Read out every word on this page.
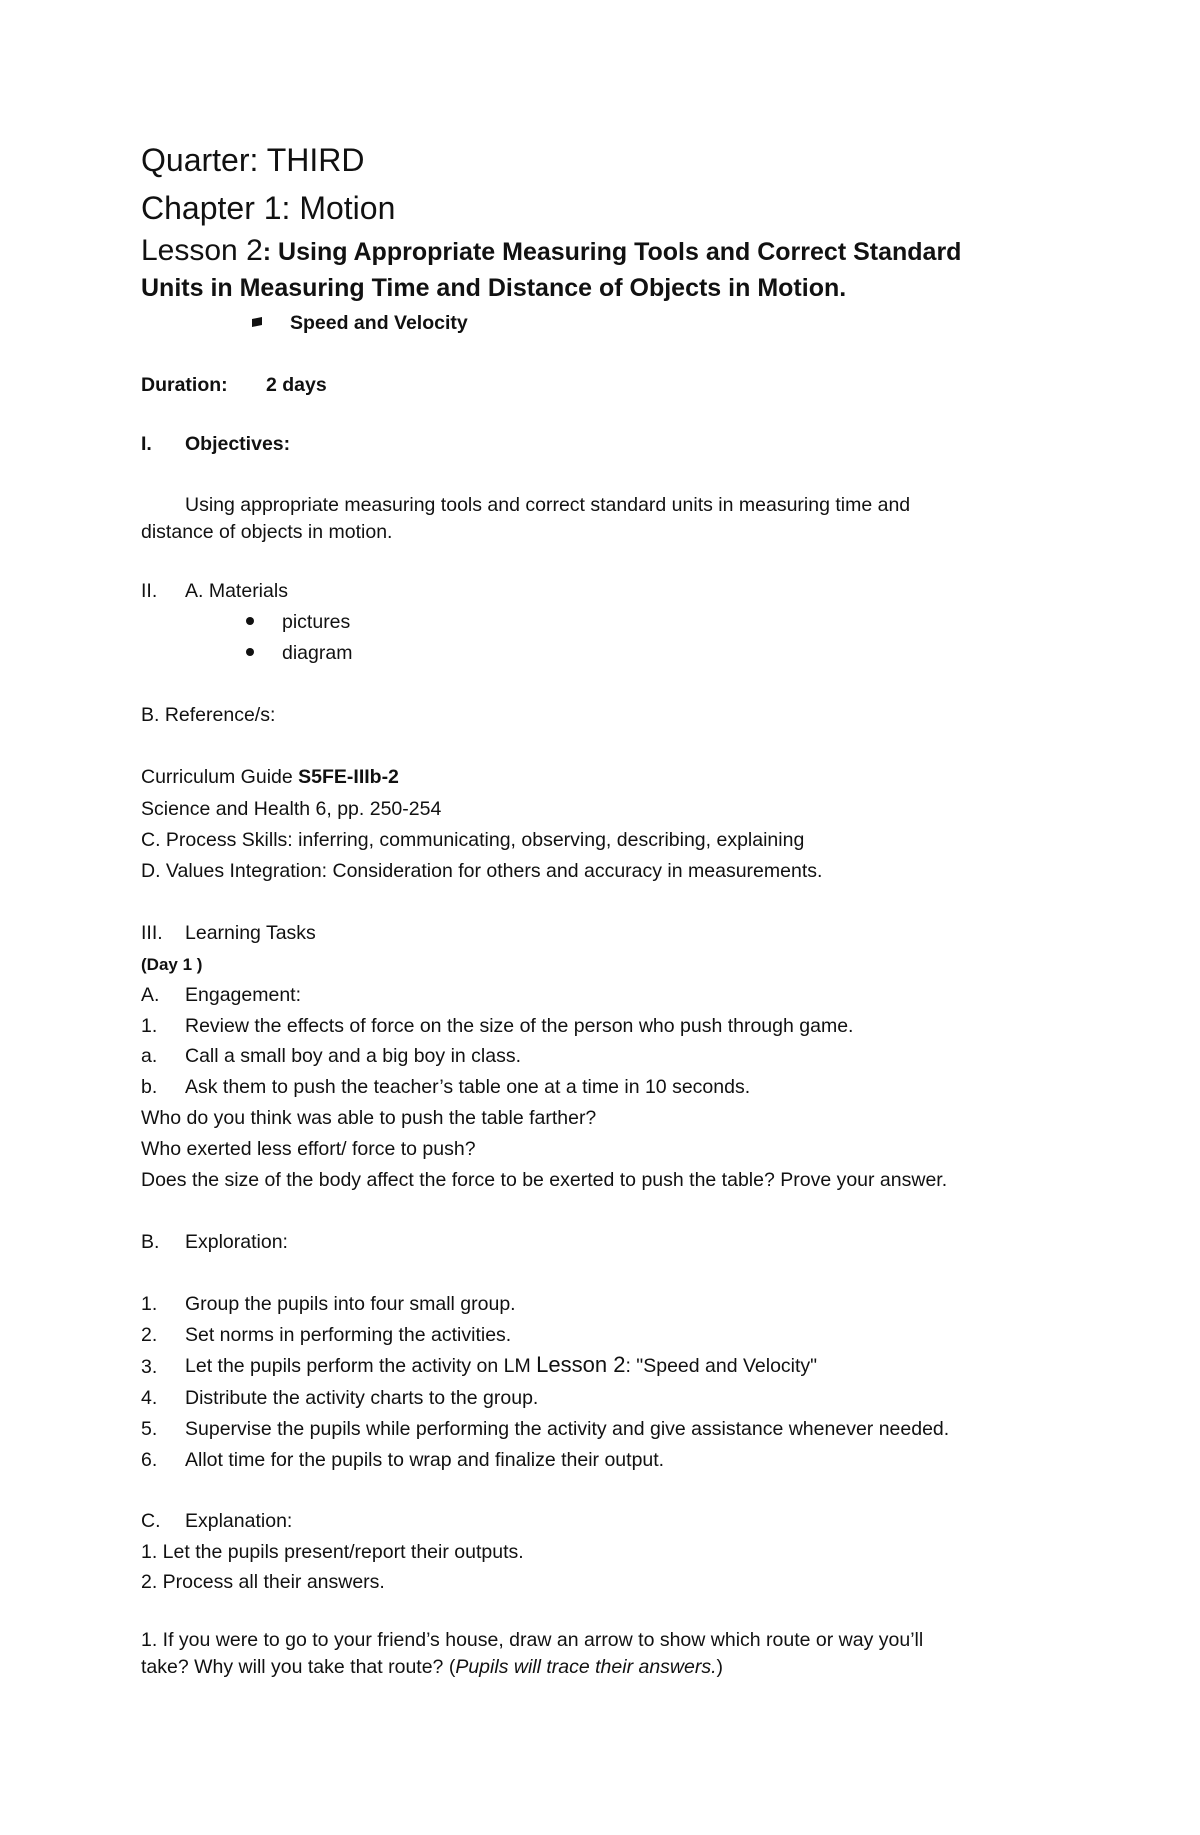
Quarter: THIRD
Chapter 1: Motion
Lesson 2: Using Appropriate Measuring Tools and Correct Standard
Units in Measuring Time and Distance of Objects in Motion.
Speed and Velocity
Duration: 2 days
I. Objectives:
Using appropriate measuring tools and correct standard units in measuring time and
distance of objects in motion.
II. A. Materials
pictures
diagram
B. Reference/s:
Curriculum Guide S5FE-IIIb-2
Science and Health 6, pp. 250-254
C. Process Skills: inferring, communicating, observing, describing, explaining
D. Values Integration: Consideration for others and accuracy in measurements.
III. Learning Tasks
(Day 1 )
A. Engagement:
1. Review the effects of force on the size of the person who push through game.
a. Call a small boy and a big boy in class.
b. Ask them to push the teacher’s table one at a time in 10 seconds.
Who do you think was able to push the table farther?
Who exerted less effort/ force to push?
Does the size of the body affect the force to be exerted to push the table? Prove your answer.
B. Exploration:
1. Group the pupils into four small group.
2. Set norms in performing the activities.
3. Let the pupils perform the activity on LM Lesson 2: "Speed and Velocity"
4. Distribute the activity charts to the group.
5. Supervise the pupils while performing the activity and give assistance whenever needed.
6. Allot time for the pupils to wrap and finalize their output.
C. Explanation:
1. Let the pupils present/report their outputs.
2. Process all their answers.
1. If you were to go to your friend’s house, draw an arrow to show which route or way you’ll
take? Why will you take that route? (Pupils will trace their answers.)
